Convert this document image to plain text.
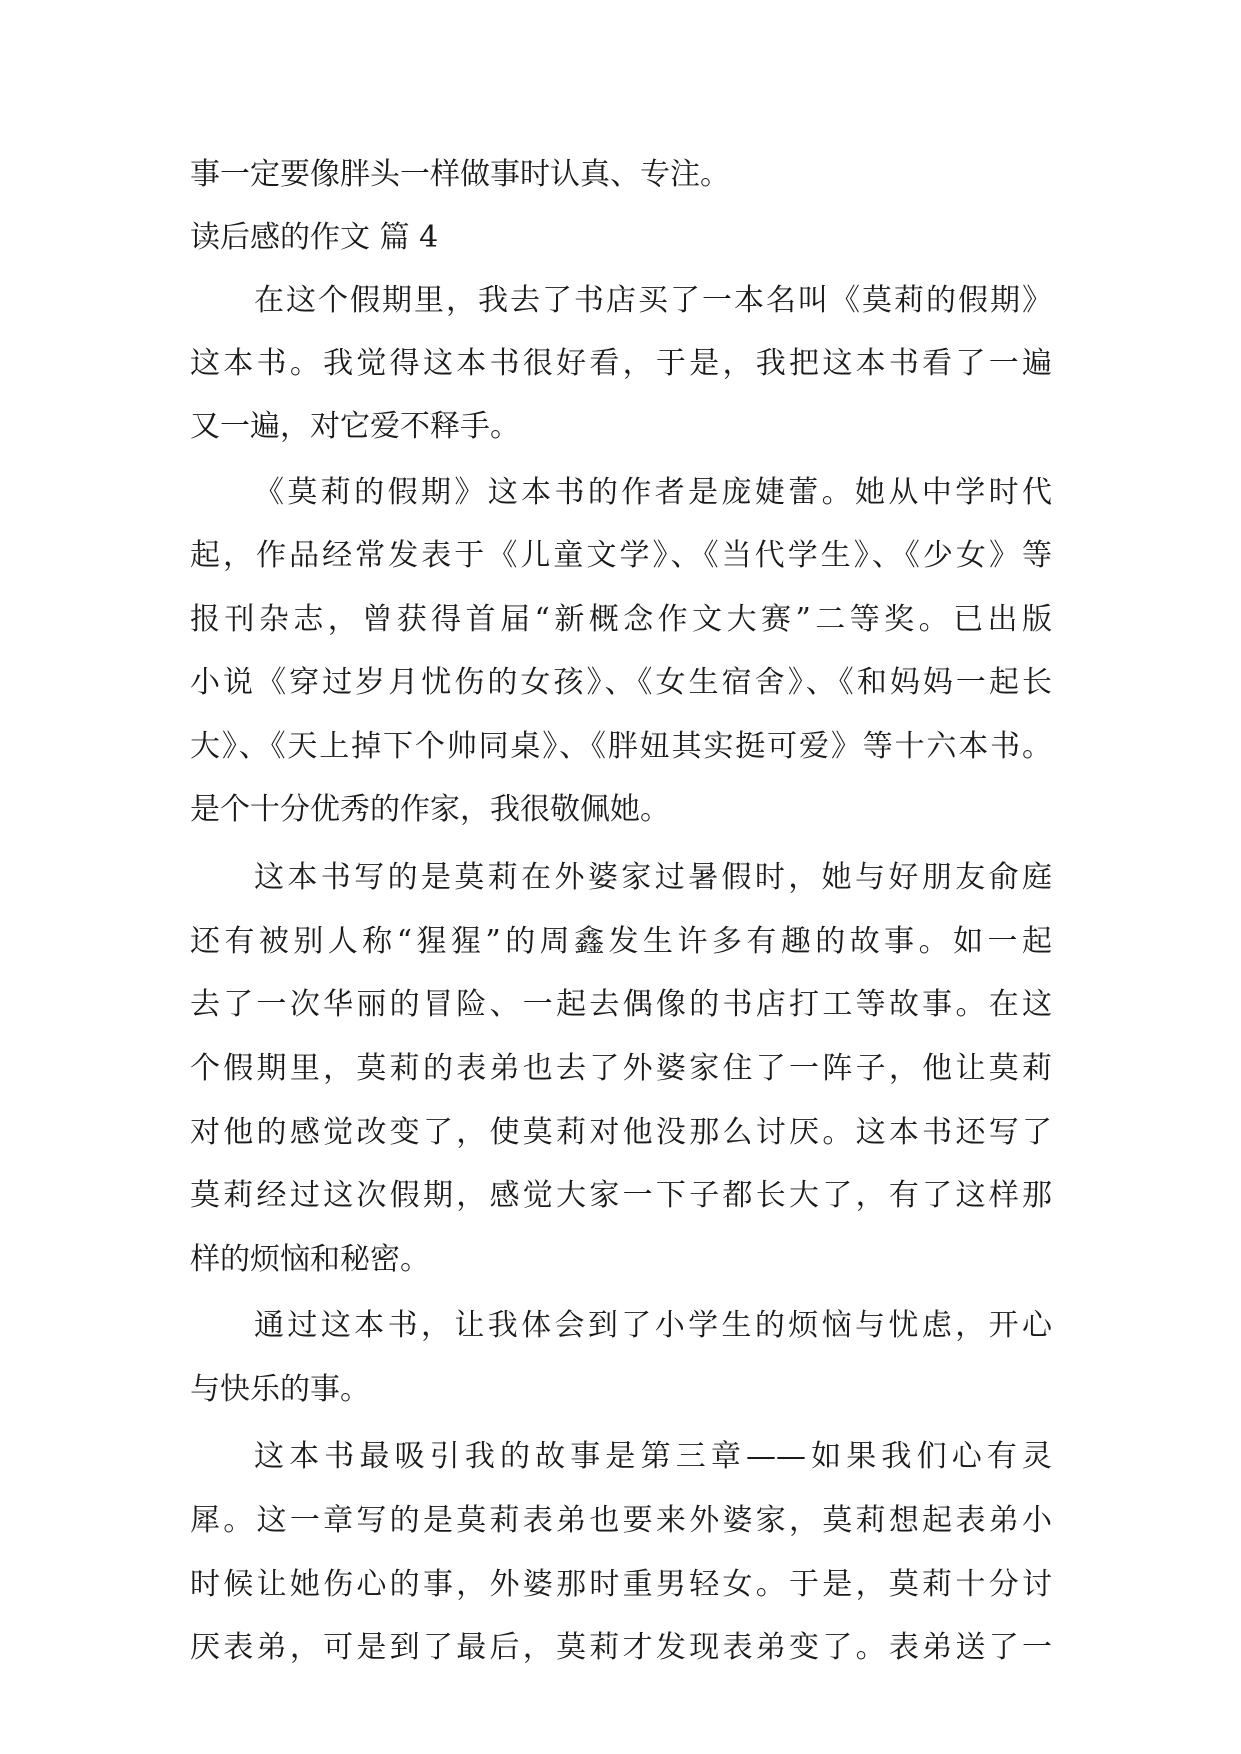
事一定要像胖头一样做事时认真、专注。
读后感的作文 篇 4
在这个假期里，我去了书店买了一本名叫《莫莉的假期》
这本书。我觉得这本书很好看，于是，我把这本书看了一遍
又一遍，对它爱不释手。
《莫莉的假期》这本书的作者是庞婕蕾。她从中学时代
起，作品经常发表于《儿童文学》、《当代学生》、《少女》等
报刊杂志，曾获得首届“新概念作文大赛”二等奖。已出版
小说《穿过岁月忧伤的女孩》、《女生宿舍》、《和妈妈一起长
大》、《天上掉下个帅同桌》、《胖妞其实挺可爱》等十六本书。
是个十分优秀的作家，我很敬佩她。
这本书写的是莫莉在外婆家过暑假时，她与好朋友俞庭
还有被别人称“猩猩”的周鑫发生许多有趣的故事。如一起
去了一次华丽的冒险、一起去偶像的书店打工等故事。在这
个假期里，莫莉的表弟也去了外婆家住了一阵子，他让莫莉
对他的感觉改变了，使莫莉对他没那么讨厌。这本书还写了
莫莉经过这次假期，感觉大家一下子都长大了，有了这样那
样的烦恼和秘密。
通过这本书，让我体会到了小学生的烦恼与忧虑，开心
与快乐的事。
这本书最吸引我的故事是第三章——如果我们心有灵
犀。这一章写的是莫莉表弟也要来外婆家，莫莉想起表弟小
时候让她伤心的事，外婆那时重男轻女。于是，莫莉十分讨
厌表弟，可是到了最后，莫莉才发现表弟变了。表弟送了一
